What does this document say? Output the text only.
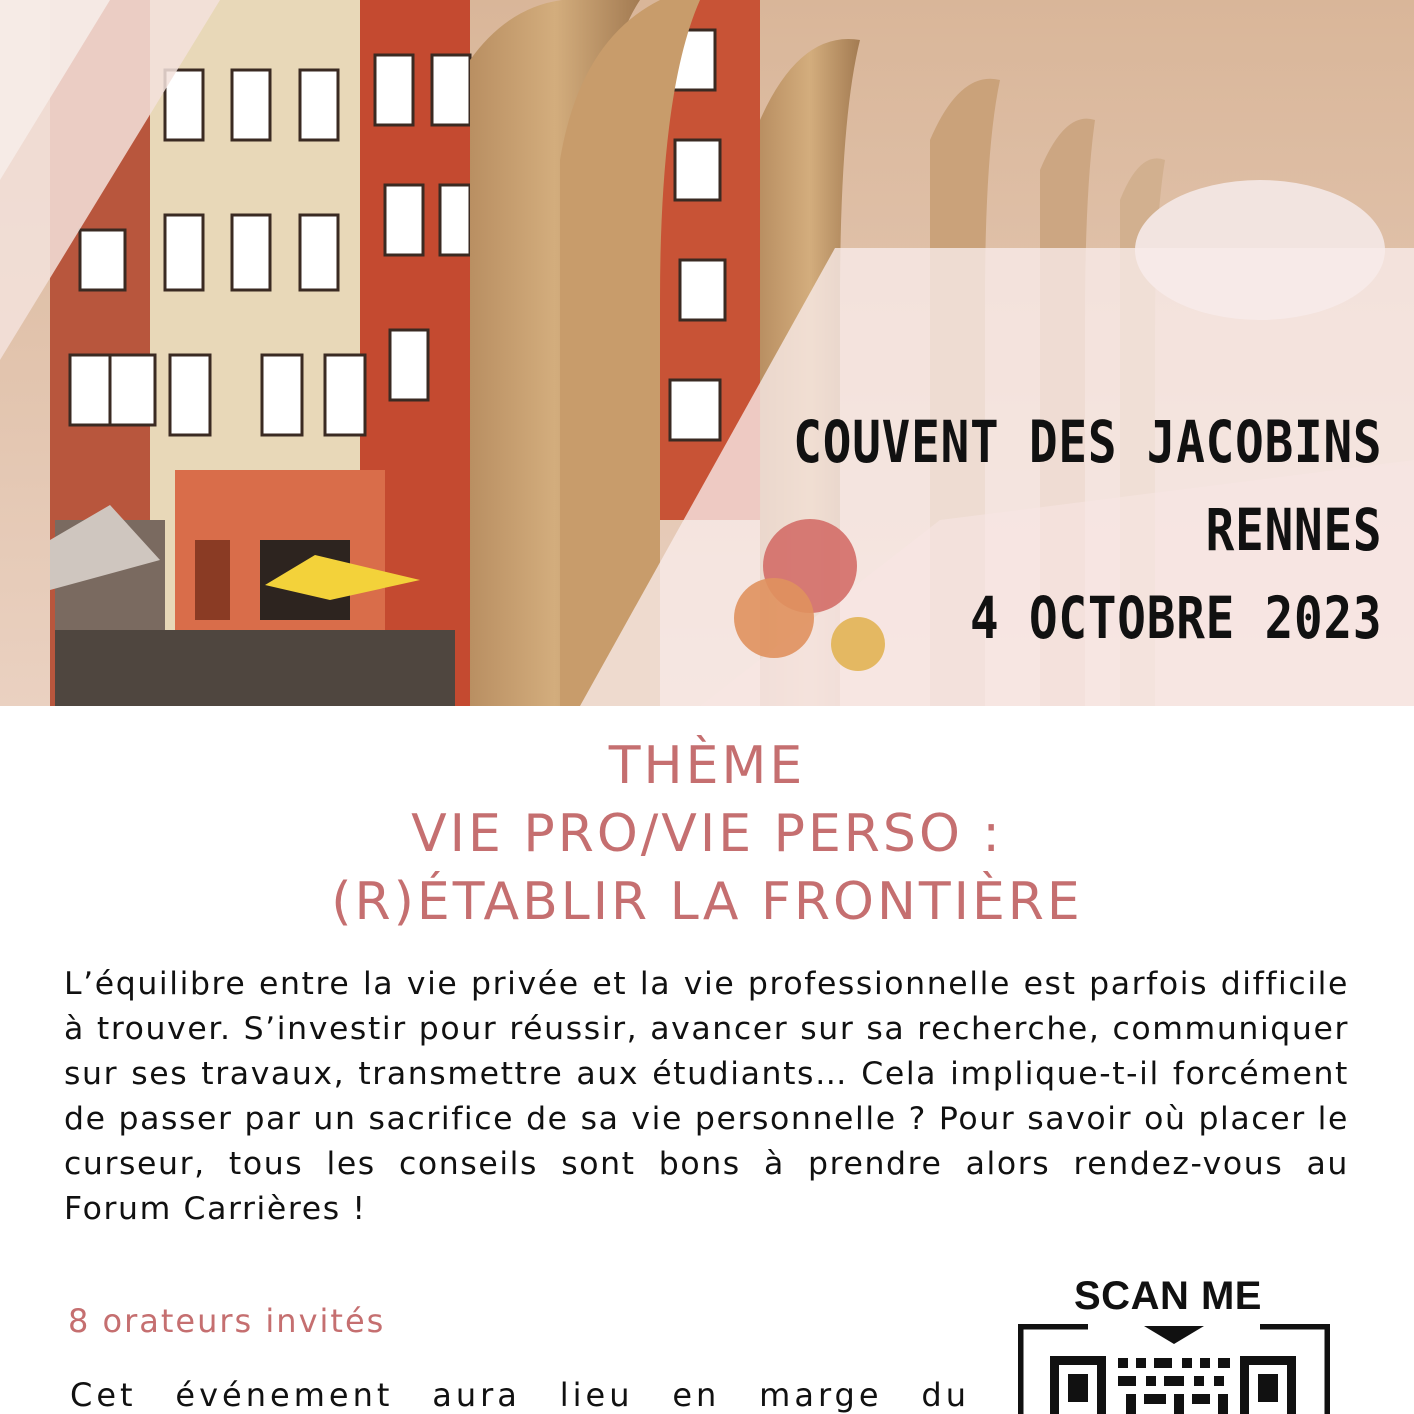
COUVENT DES JACOBINS
RENNES
4 OCTOBRE 2023
THÈME
VIE PRO/VIE PERSO :
(R)ÉTABLIR LA FRONTIÈRE

L’équilibre entre la vie privée et la vie professionnelle est parfois difficile à trouver. S’investir pour réussir, avancer sur sa recherche, communiquer sur ses travaux, transmettre aux étudiants… Cela implique-t-il forcément de passer par un sacrifice de sa vie personnelle ? Pour savoir où placer le curseur, tous les conseils sont bons à prendre alors rendez-vous au Forum Carrières !

8 orateurs invités
Cet événement aura lieu en marge du
SCAN ME
